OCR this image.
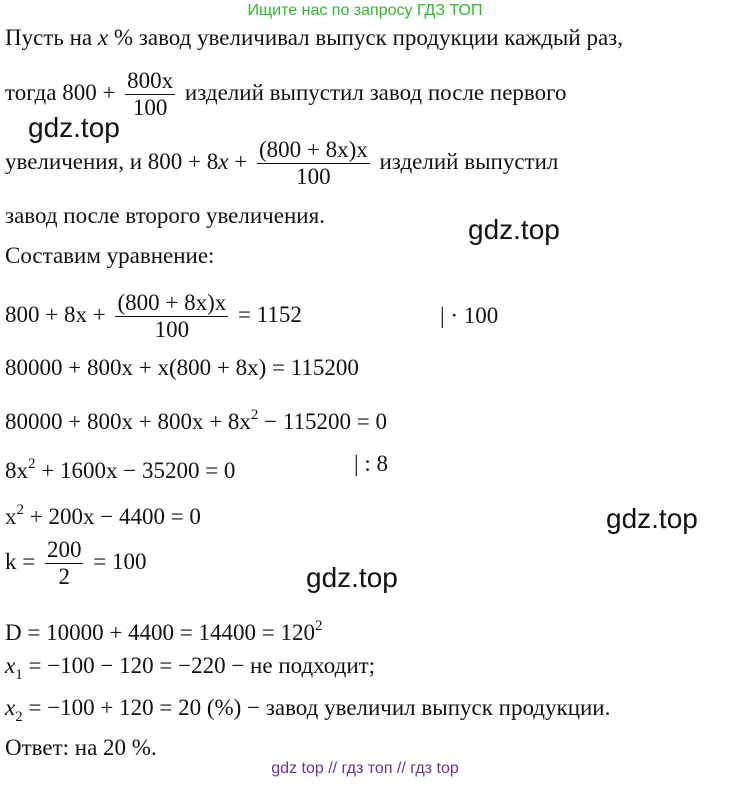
Ищите нас по запросу ГДЗ ТОП
Пусть на x % завод увеличивал выпуск продукции каждый раз,
тогда $800 + \frac{800x}{100}$ изделий выпустил завод после первого
gdz.top
увеличения, и $800 + 8x + \frac{(800 + 8x)x}{100}$ изделий выпустил
завод после второго увеличения.	gdz.top
Составим уравнение:
$800 + 8x + \frac{(800 + 8x)x}{100} = 1152$	| · 100
80000 + 800x + x(800 + 8x) = 115200
$80000 + 800x + 800x + 8x^2 - 115200 = 0$
$8x^2 + 1600x - 35200 = 0$	| : 8
$x^2 + 200x - 4400 = 0$	gdz.top
$k = \frac{200}{2} = 100$
gdz.top
$D = 10000 + 4400 = 14400 = 120^2$
$x_1 = -100 - 120 = -220$ − не подходит;
$x_2 = -100 + 120 = 20$ (%) − завод увеличил выпуск продукции.
Ответ: на 20 %.
gdz top // гдз топ // гдз top
